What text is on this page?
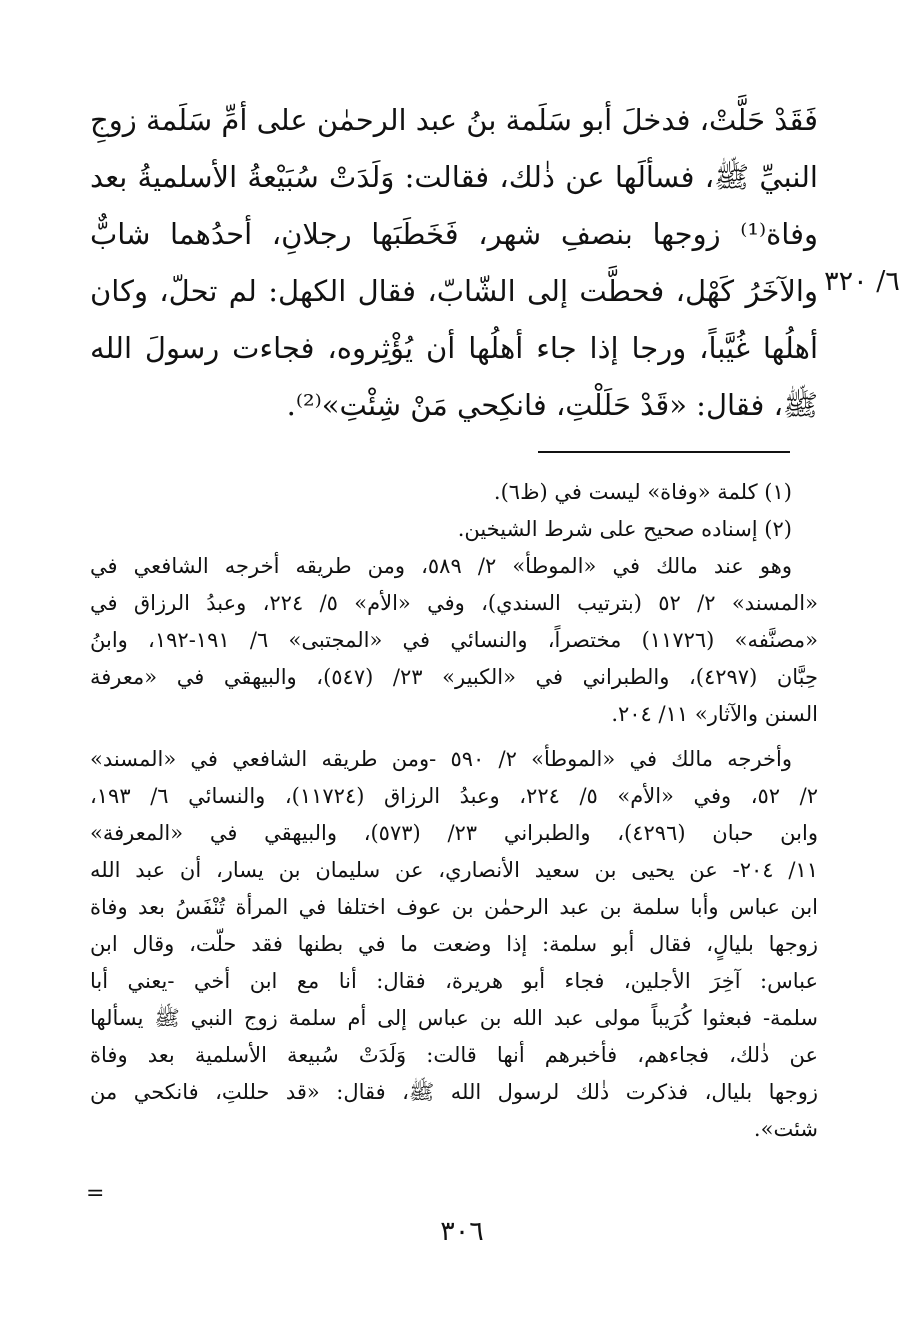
فَقَدْ حَلَّتْ، فدخلَ أبو سَلَمة بنُ عبد الرحمٰن على أمِّ سَلَمة زوجِ
النبيِّ ﷺ، فسألَها عن ذٰلك، فقالت: وَلَدَتْ سُبَيْعةُ الأسلميةُ بعد
وفاة⁽¹⁾ زوجها بنصفِ شهر، فَخَطَبَها رجلانِ، أحدُهما شابٌّ
والآخَرُ كَهْل، فحطَّت إلى الشّابّ، فقال الكهل: لم تحلّ، وكان
أهلُها غُيَّباً، ورجا إذا جاء أهلُها أن يُؤْثِروه، فجاءت رسولَ الله
ﷺ، فقال: «قَدْ حَلَلْتِ، فانكِحي مَنْ شِئْتِ»⁽²⁾.
٦/ ٣٢٠
(١) كلمة «وفاة» ليست في (ظ٦).
(٢) إسناده صحيح على شرط الشيخين.
وهو عند مالك في «الموطأ» ٢/ ٥٨٩، ومن طريقه أخرجه الشافعي في
«المسند» ٢/ ٥٢ (بترتيب السندي)، وفي «الأم» ٥/ ٢٢٤، وعبدُ الرزاق في
«مصنَّفه» (١١٧٢٦) مختصراً، والنسائي في «المجتبى» ٦/ ١٩١-١٩٢، وابنُ
حِبَّان (٤٢٩٧)، والطبراني في «الكبير» ٢٣/ (٥٤٧)، والبيهقي في «معرفة
السنن والآثار» ١١/ ٢٠٤.
وأخرجه مالك في «الموطأ» ٢/ ٥٩٠ -ومن طريقه الشافعي في «المسند»
٢/ ٥٢، وفي «الأم» ٥/ ٢٢٤، وعبدُ الرزاق (١١٧٢٤)، والنسائي ٦/ ١٩٣،
وابن حبان (٤٢٩٦)، والطبراني ٢٣/ (٥٧٣)، والبيهقي في «المعرفة»
١١/ ٢٠٤- عن يحيى بن سعيد الأنصاري، عن سليمان بن يسار، أن عبد الله
ابن عباس وأبا سلمة بن عبد الرحمٰن بن عوف اختلفا في المرأة تُنْفَسُ بعد وفاة
زوجها بليالٍ، فقال أبو سلمة: إذا وضعت ما في بطنها فقد حلّت، وقال ابن
عباس: آخِرَ الأجلين، فجاء أبو هريرة، فقال: أنا مع ابن أخي -يعني أبا
سلمة- فبعثوا كُرَيباً مولى عبد الله بن عباس إلى أم سلمة زوج النبي ﷺ يسألها
عن ذٰلك، فجاءهم، فأخبرهم أنها قالت: وَلَدَتْ سُبيعة الأسلمية بعد وفاة
زوجها بليال، فذكرت ذٰلك لرسول الله ﷺ، فقال: «قد حللتِ، فانكحي من
شئت».
=
٣٠٦
